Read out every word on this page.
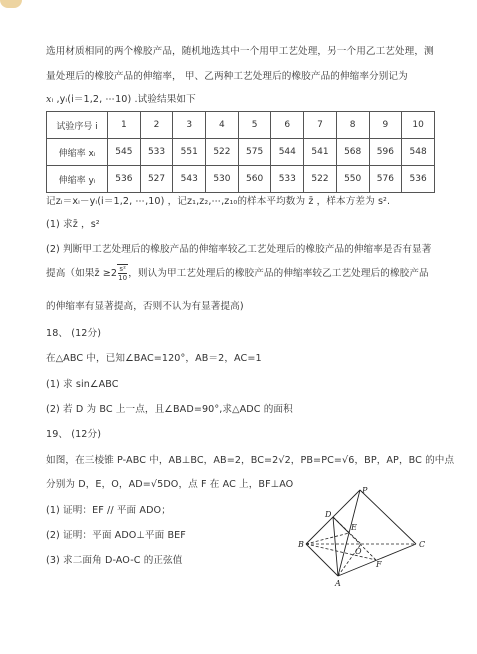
选用材质相同的两个橡胶产品，随机地选其中一个用甲工艺处理，另一个用乙工艺处理，测
量处理后的橡胶产品的伸缩率， 甲、乙两种工艺处理后的橡胶产品的伸缩率分别记为
xᵢ ,yᵢ(i＝1,2, ⋯10) .试验结果如下
试验序号 i	1	2	3	4	5	6	7	8	9	10
伸缩率 xᵢ	545	533	551	522	575	544	541	568	596	548
伸缩率 yᵢ	536	527	543	530	560	533	522	550	576	536
记zᵢ＝xᵢ－yᵢ(i＝1,2, ⋯,10) ，记z₁,z₂,⋯,z₁₀的样本平均数为 z̄ ，样本方差为 s².
(1) 求z̄ ，s²
(2) 判断甲工艺处理后的橡胶产品的伸缩率较乙工艺处理后的橡胶产品的伸缩率是否有显著
提高（如果z̄ $\ge 2 \frac{\text{s²}}{10}$，则认为甲工艺处理后的橡胶产品的伸缩率较乙工艺处理后的橡胶产品
的伸缩率有显著提高，否则不认为有显著提高)
18、 (12分)
在△ABC 中，已知∠BAC=120°，AB＝2，AC=1
(1) 求 sin∠ABC
(2) 若 D 为 BC 上一点，且∠BAD=90°,求△ADC 的面积
19、 (12分)
如图，在三棱锥 P-ABC 中，AB⊥BC，AB=2，BC=2√2，PB=PC=√6，BP，AP，BC 的中点
分别为 D，E，O，AD=√5DO，点 F 在 AC 上，BF⊥AO
(1) 证明：EF // 平面 ADO；
(2) 证明：平面 ADO⊥平面 BEF
(3) 求二面角 D-AO-C 的正弦值
P
D
E
B
O
C
F
A
